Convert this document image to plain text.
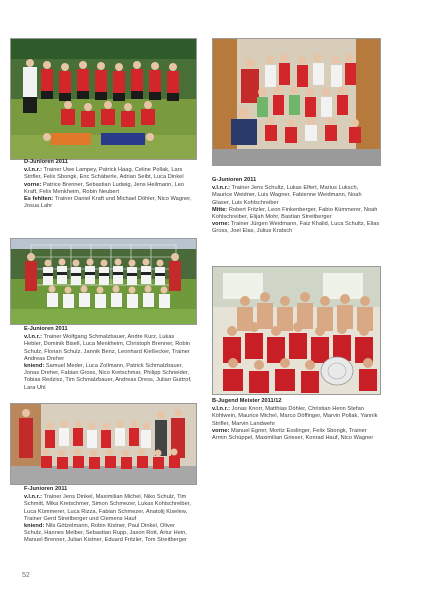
D-Junioren 2011

v.l.n.r.: Trainer Uwe Lampey, Patrick Haag, Celine Pollak, Lars Strifler, Felix Sbongk, Eric Schäberle, Adrian Seibt, Luca Dinkel

vorne: Patrice Brenner, Sebastian Ludwig, Jens Heilmann, Leo Kraft, Felix Menkheim, Robin Neubert

Es fehlten: Trainer Daniel Kraft und Michael Döhler, Nico Wagner, Josua Lahr

G-Junioren 2011

v.l.n.r.: Trainer Jens Schultz, Lukas Elfert, Marius Luksch, Maurice Weidner, Luis Wagner, Fabienne Weidmann, Noah Glaser, Luis Kohlschreiber

Mitte: Robert Fritzler, Leon Finkenberger, Fabio Kümmerer, Noah Kohlschreiber, Elijah Mohr, Bastian Streitberger

vorne: Trainer Jürgen Weidmann, Faiz Khalid, Luca Schultz, Elias Gross, Joel Elas, Julius Kratsch

E-Junioren 2011

v.l.n.r.: Trainer Wolfgang Schmalzbauer, Andre Kurz, Lukas Hebler, Dominik Bisell, Luca Menkheim, Christoph Brenner, Robin Schulz, Florian Schulz, Jannik Benz, Leonhard Kießecker, Trainer Andreas Dreher

kniend: Samuel Meder, Luca Zollmann, Patrick Schmalzbauer, Jonas Dreher, Fabian Gross, Nico Kretschmar, Philipp Schneider, Tobias Redzisz, Tim Schmalzbauer, Andreas Dress, Julian Guttrof, Lara Uhl

B-Jugend Meister 2011/12

v.l.n.r.: Jonas Knorr, Matthias Döhler, Christian Henn Stefan Köhlwein, Maurice Michel, Marco Döffinger, Marvin Pollak, Yannik Strifler, Marvin Landwehr

vorne: Manuel Egner, Moritz Esslinger, Felix Sbongk, Trainer Armin Schüppel, Maximilian Grieser, Konrad Hauf, Nico Wagner

F-Junioren 2011

v.l.n.r.: Trainer Jens Dinkel, Maximilian Michel, Niko Schulz, Tim Schmitt, Mika Kretschmer, Simon Schmezer, Lukas Kohlschreiber, Luca Kümmerer, Luca Rizza, Fabian Schmezer, Anatolij Kiselew, Trainer Gerd Streitberger und Clemens Hauf

kniend: Nils Götzelmann, Robin Kistner, Paul Dinkel, Oliver Schulz, Hannes Melber, Sebastian Rupp, Jason Rott, Artur Hein, Manuel Brenner, Julian Kistner, Eduard Fritzler, Tom Streitberger

52
